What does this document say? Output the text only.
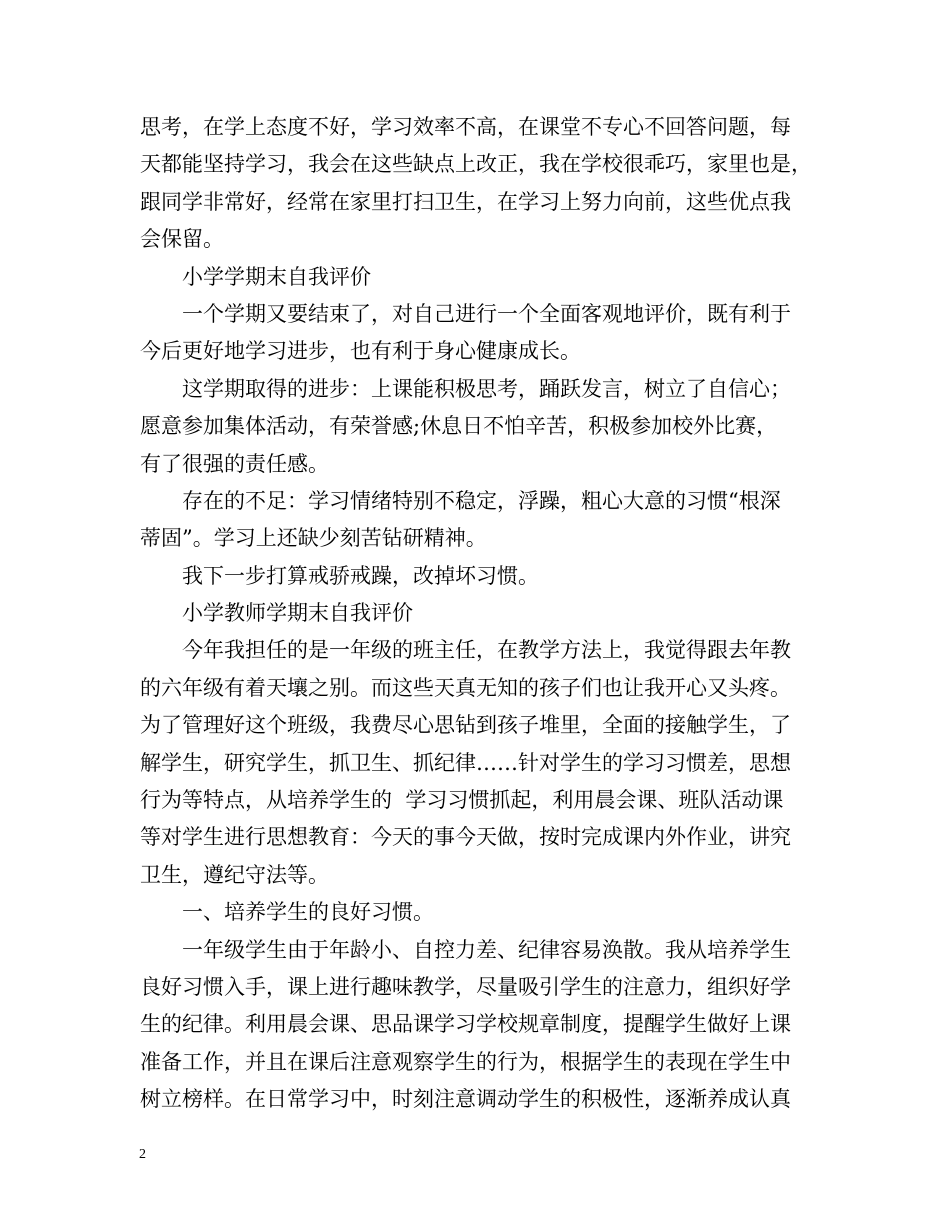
思考，在学上态度不好，学习效率不高，在课堂不专心不回答问题，每
天都能坚持学习，我会在这些缺点上改正，我在学校很乖巧，家里也是，
跟同学非常好，经常在家里打扫卫生，在学习上努力向前，这些优点我
会保留。
小学学期末自我评价
一个学期又要结束了，对自己进行一个全面客观地评价，既有利于
今后更好地学习进步，也有利于身心健康成长。
这学期取得的进步：上课能积极思考，踊跃发言，树立了自信心；
愿意参加集体活动，有荣誉感;休息日不怕辛苦，积极参加校外比赛，
有了很强的责任感。
存在的不足：学习情绪特别不稳定，浮躁，粗心大意的习惯“根深
蒂固”。学习上还缺少刻苦钻研精神。
我下一步打算戒骄戒躁，改掉坏习惯。
小学教师学期末自我评价
今年我担任的是一年级的班主任，在教学方法上，我觉得跟去年教
的六年级有着天壤之别。而这些天真无知的孩子们也让我开心又头疼。
为了管理好这个班级，我费尽心思钻到孩子堆里，全面的接触学生，了
解学生，研究学生，抓卫生、抓纪律……针对学生的学习习惯差，思想
行为等特点，从培养学生的  学习习惯抓起，利用晨会课、班队活动课
等对学生进行思想教育：今天的事今天做，按时完成课内外作业，讲究
卫生，遵纪守法等。
一、培养学生的良好习惯。
一年级学生由于年龄小、自控力差、纪律容易涣散。我从培养学生
良好习惯入手，课上进行趣味教学，尽量吸引学生的注意力，组织好学
生的纪律。利用晨会课、思品课学习学校规章制度，提醒学生做好上课
准备工作，并且在课后注意观察学生的行为，根据学生的表现在学生中
树立榜样。在日常学习中，时刻注意调动学生的积极性，逐渐养成认真
2
